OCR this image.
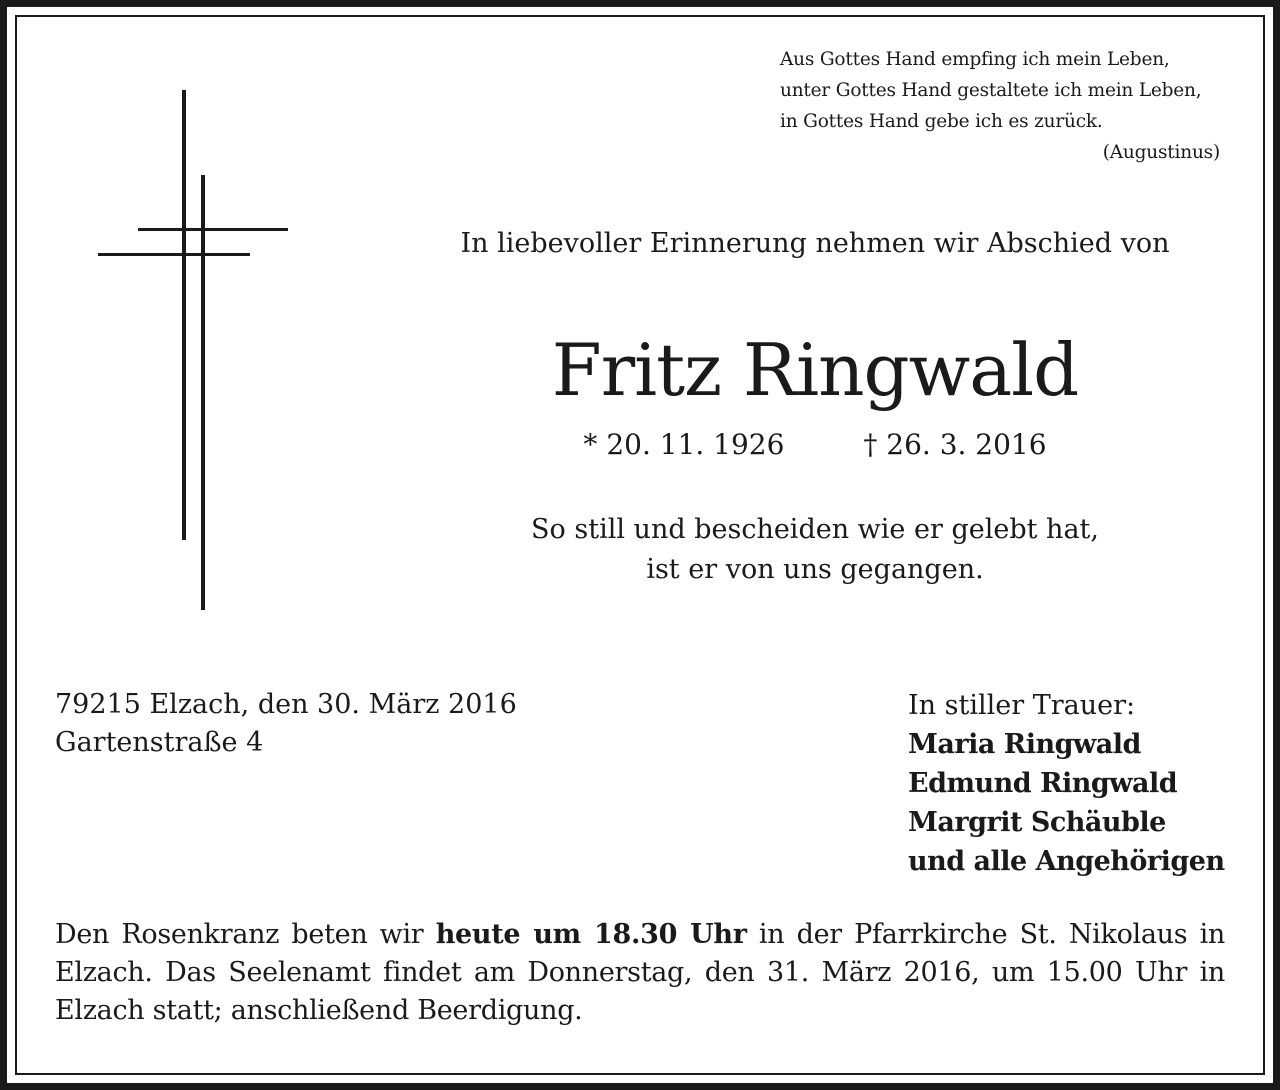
Aus Gottes Hand empfing ich mein Leben,
unter Gottes Hand gestaltete ich mein Leben,
in Gottes Hand gebe ich es zurück.
(Augustinus)
In liebevoller Erinnerung nehmen wir Abschied von
Fritz Ringwald
* 20. 11. 1926	† 26. 3. 2016
So still und bescheiden wie er gelebt hat,
ist er von uns gegangen.
79215 Elzach, den 30. März 2016
Gartenstraße 4
In stiller Trauer:
Maria Ringwald
Edmund Ringwald
Margrit Schäuble
und alle Angehörigen
Den Rosenkranz beten wir heute um 18.30 Uhr in der Pfarrkirche St. Nikolaus in Elzach. Das Seelenamt findet am Donnerstag, den 31. März 2016, um 15.00 Uhr in Elzach statt; anschließend Beerdigung.
